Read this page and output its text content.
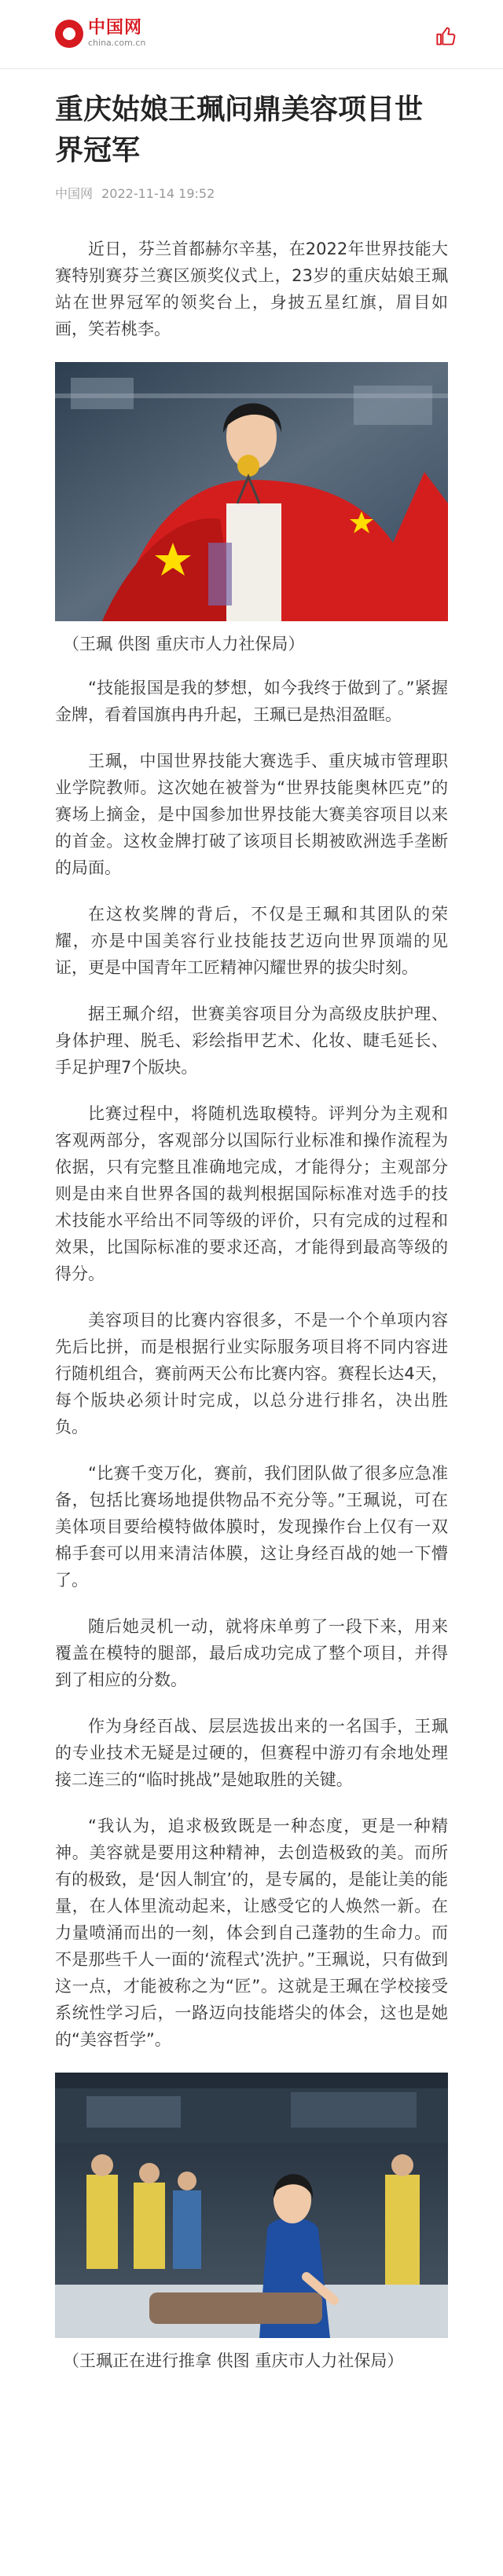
中国网
china.com.cn
重庆姑娘王珮问鼎美容项目世界冠军
中国网 2022-11-14 19:52

近日，芬兰首都赫尔辛基，在2022年世界技能大赛特别赛芬兰赛区颁奖仪式上，23岁的重庆姑娘王珮站在世界冠军的领奖台上，身披五星红旗，眉目如画，笑若桃李。

（王珮 供图 重庆市人力社保局）

“技能报国是我的梦想，如今我终于做到了。”紧握金牌，看着国旗冉冉升起，王珮已是热泪盈眶。

王珮，中国世界技能大赛选手、重庆城市管理职业学院教师。这次她在被誉为“世界技能奥林匹克”的赛场上摘金，是中国参加世界技能大赛美容项目以来的首金。这枚金牌打破了该项目长期被欧洲选手垄断的局面。

在这枚奖牌的背后，不仅是王珮和其团队的荣耀，亦是中国美容行业技能技艺迈向世界顶端的见证，更是中国青年工匠精神闪耀世界的拔尖时刻。

据王珮介绍，世赛美容项目分为高级皮肤护理、身体护理、脱毛、彩绘指甲艺术、化妆、睫毛延长、手足护理7个版块。

比赛过程中，将随机选取模特。评判分为主观和客观两部分，客观部分以国际行业标准和操作流程为依据，只有完整且准确地完成，才能得分；主观部分则是由来自世界各国的裁判根据国际标准对选手的技术技能水平给出不同等级的评价，只有完成的过程和效果，比国际标准的要求还高，才能得到最高等级的得分。

美容项目的比赛内容很多，不是一个个单项内容先后比拼，而是根据行业实际服务项目将不同内容进行随机组合，赛前两天公布比赛内容。赛程长达4天，每个版块必须计时完成，以总分进行排名，决出胜负。

“比赛千变万化，赛前，我们团队做了很多应急准备，包括比赛场地提供物品不充分等。”王珮说，可在美体项目要给模特做体膜时，发现操作台上仅有一双棉手套可以用来清洁体膜，这让身经百战的她一下懵了。

随后她灵机一动，就将床单剪了一段下来，用来覆盖在模特的腿部，最后成功完成了整个项目，并得到了相应的分数。

作为身经百战、层层选拔出来的一名国手，王珮的专业技术无疑是过硬的，但赛程中游刃有余地处理接二连三的“临时挑战”是她取胜的关键。

“我认为，追求极致既是一种态度，更是一种精神。美容就是要用这种精神，去创造极致的美。而所有的极致，是‘因人制宜’的，是专属的，是能让美的能量，在人体里流动起来，让感受它的人焕然一新。在力量喷涌而出的一刻，体会到自己蓬勃的生命力。而不是那些千人一面的‘流程式’洗护。”王珮说，只有做到这一点，才能被称之为“匠”。这就是王珮在学校接受系统性学习后，一路迈向技能塔尖的体会，这也是她的“美容哲学”。

（王珮正在进行推拿 供图 重庆市人力社保局）
